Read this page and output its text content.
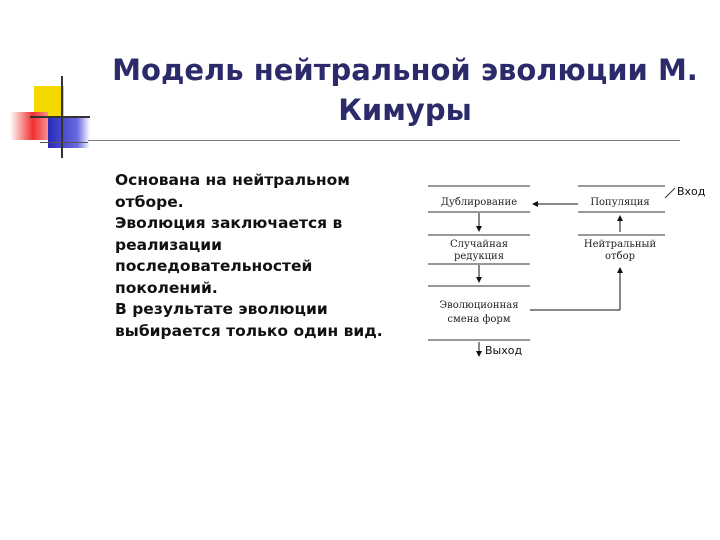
Модель нейтральной эволюции М.
Кимуры
Основана на нейтральном
отборе.
Эволюция заключается в
реализации
последовательностей
поколений.
В результате эволюции
выбирается только один вид.
Дублирование
Случайная
редукция
Эволюционная
смена форм
Популяция
Нейтральный
отбор
Вход
Выход
